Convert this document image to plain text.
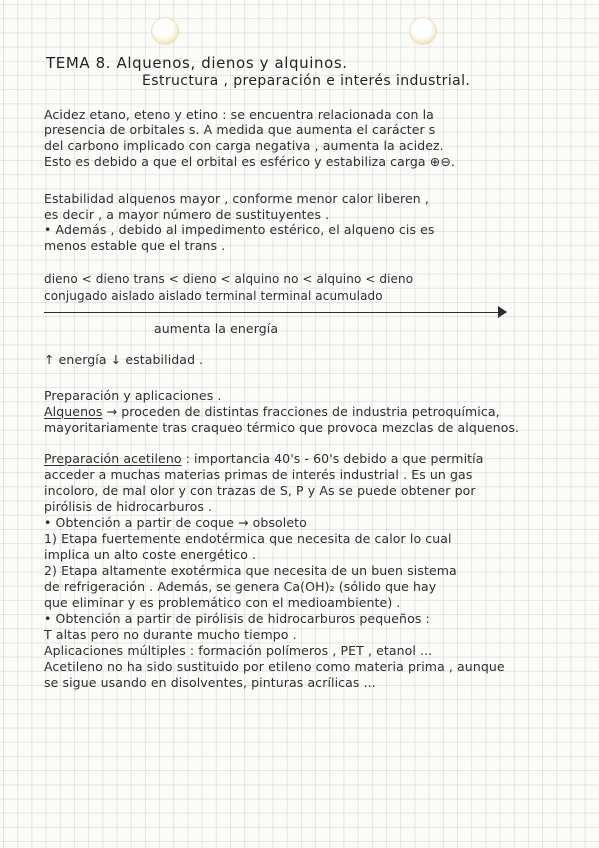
TEMA 8. Alquenos, dienos y alquinos.

Estructura , preparación e interés industrial.

Acidez etano, eteno y etino : se encuentra relacionada con la

presencia de orbitales s. A medida que aumenta el carácter s

del carbono implicado con carga negativa , aumenta la acidez.

Esto es debido a que el orbital es esférico y estabiliza carga ⊕⊖.

Estabilidad alquenos mayor , conforme menor calor liberen ,

es decir , a mayor número de sustituyentes .

• Además , debido al impedimento estérico, el alqueno cis es

menos estable que el trans .

dieno < dieno trans < dieno < alquino no < alquino < dieno

conjugado aislado aislado terminal terminal acumulado

aumenta la energía

↑ energía ↓ estabilidad .

Preparación y aplicaciones .

Alquenos → proceden de distintas fracciones de industria petroquímica,

mayoritariamente tras craqueo térmico que provoca mezclas de alquenos.

Preparación acetileno : importancia 40's - 60's debido a que permitía

acceder a muchas materias primas de interés industrial . Es un gas

incoloro, de mal olor y con trazas de S, P y As se puede obtener por

pirólisis de hidrocarburos .

• Obtención a partir de coque → obsoleto

1) Etapa fuertemente endotérmica que necesita de calor lo cual

implica un alto coste energético .

2) Etapa altamente exotérmica que necesita de un buen sistema

de refrigeración . Además, se genera Ca(OH)₂ (sólido que hay

que eliminar y es problemático con el medioambiente) .

• Obtención a partir de pirólisis de hidrocarburos pequeños :

T altas pero no durante mucho tiempo .

Aplicaciones múltiples : formación polímeros , PET , etanol ...

Acetileno no ha sido sustituido por etileno como materia prima , aunque

se sigue usando en disolventes, pinturas acrílicas ...
